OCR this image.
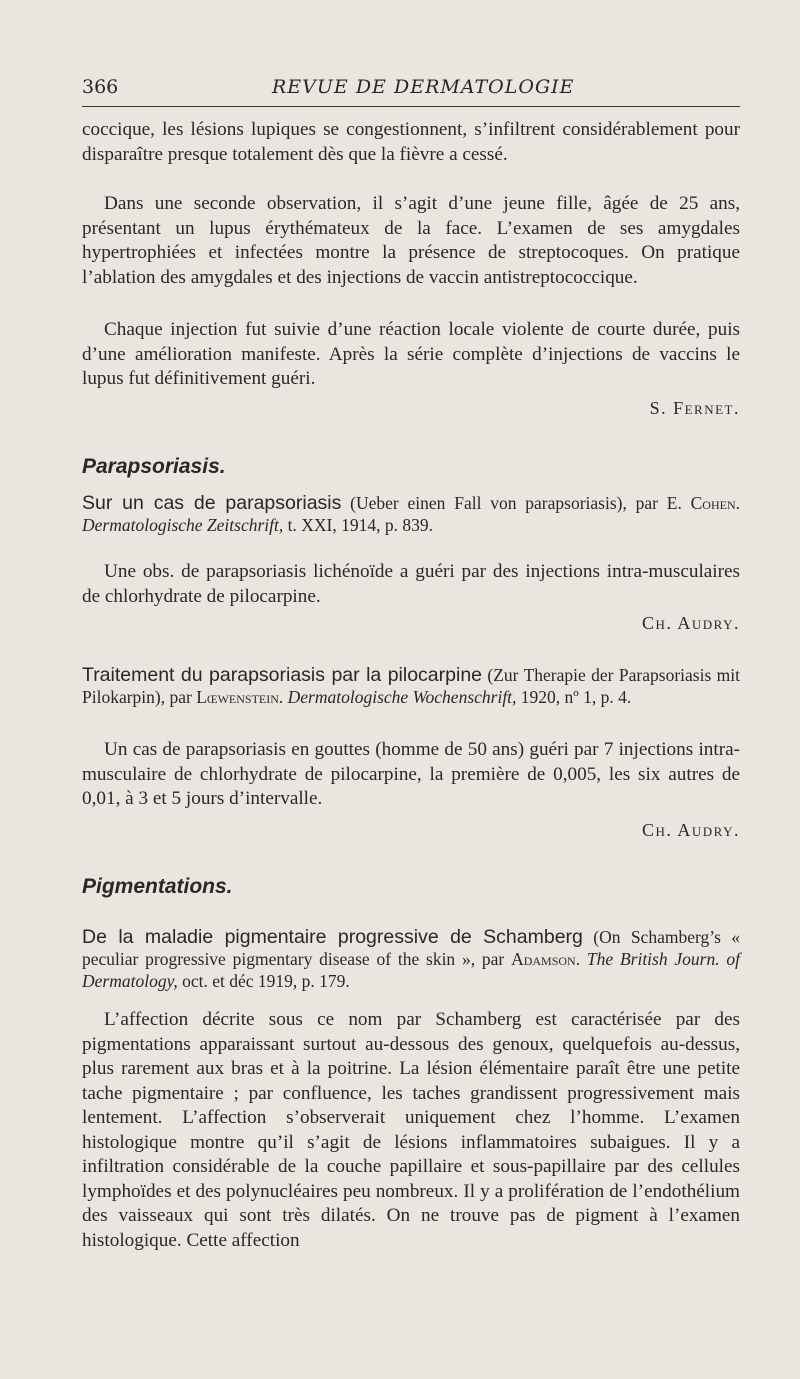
366	REVUE DE DERMATOLOGIE

coccique, les lésions lupiques se congestionnent, s’infiltrent considérablement pour disparaître presque totalement dès que la fièvre a cessé.

Dans une seconde observation, il s’agit d’une jeune fille, âgée de 25 ans, présentant un lupus érythémateux de la face. L’examen de ses amygdales hypertrophiées et infectées montre la présence de streptocoques. On pratique l’ablation des amygdales et des injections de vaccin antistreptococcique.

Chaque injection fut suivie d’une réaction locale violente de courte durée, puis d’une amélioration manifeste. Après la série complète d’injections de vaccins le lupus fut définitivement guéri.

S. Fernet.
Parapsoriasis.
Sur un cas de parapsoriasis (Ueber einen Fall von parapsoriasis), par E. Cohen. Dermatologische Zeitschrift, t. XXI, 1914, p. 839.

Une obs. de parapsoriasis lichénoïde a guéri par des injections intra-musculaires de chlorhydrate de pilocarpine.

Ch. Audry.
Traitement du parapsoriasis par la pilocarpine (Zur Therapie der Parapsoriasis mit Pilokarpin), par Lœwenstein. Dermatologische Wochenschrift, 1920, nº 1, p. 4.

Un cas de parapsoriasis en gouttes (homme de 50 ans) guéri par 7 injections intra-musculaire de chlorhydrate de pilocarpine, la première de 0,005, les six autres de 0,01, à 3 et 5 jours d’intervalle.

Ch. Audry.
Pigmentations.
De la maladie pigmentaire progressive de Schamberg (On Schamberg’s « peculiar progressive pigmentary disease of the skin », par Adamson. The British Journ. of Dermatology, oct. et déc 1919, p. 179.

L’affection décrite sous ce nom par Schamberg est caractérisée par des pigmentations apparaissant surtout au-dessous des genoux, quelquefois au-dessus, plus rarement aux bras et à la poitrine. La lésion élémentaire paraît être une petite tache pigmentaire ; par confluence, les taches grandissent progressivement mais lentement. L’affection s’observerait uniquement chez l’homme. L’examen histologique montre qu’il s’agit de lésions inflammatoires subaigues. Il y a infiltration considérable de la couche papillaire et sous-papillaire par des cellules lymphoïdes et des polynucléaires peu nombreux. Il y a prolifération de l’endothélium des vaisseaux qui sont très dilatés. On ne trouve pas de pigment à l’examen histologique. Cette affection
